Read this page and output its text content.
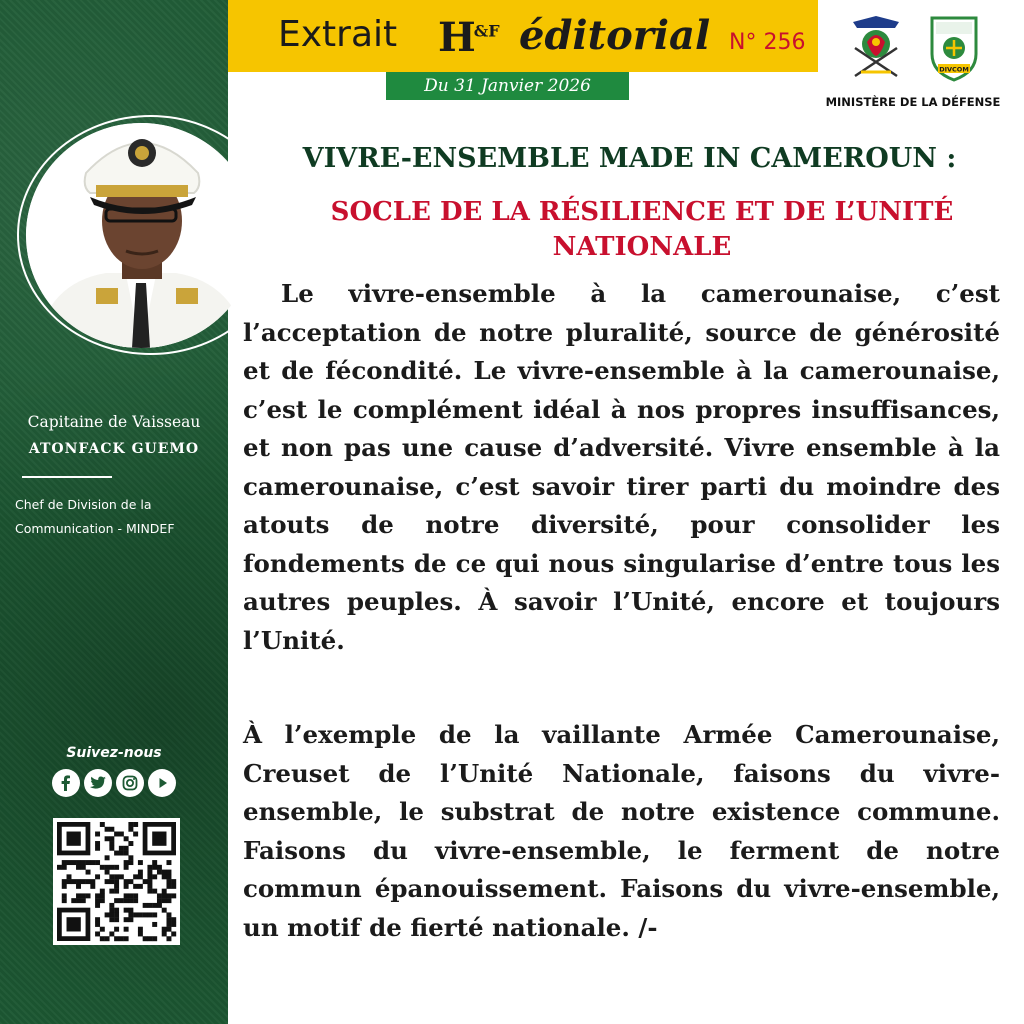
Extrait $H^{\&F}$ éditorial N° 256
Du 31 Janvier 2026
DIVCOM
MINISTÈRE DE LA DÉFENSE
Capitaine de Vaisseau
ATONFACK GUEMO
Chef de Division de la Communication - MINDEF
Suivez-nous
VIVRE-ENSEMBLE MADE IN CAMEROUN :
SOCLE DE LA RÉSILIENCE ET DE L’UNITÉ NATIONALE
Le vivre-ensemble à la camerounaise, c’est l’acceptation de notre pluralité, source de générosité et de fécondité. Le vivre-ensemble à la camerounaise, c’est le complément idéal à nos propres insuffisances, et non pas une cause d’adversité. Vivre ensemble à la camerounaise, c’est savoir tirer parti du moindre des atouts de notre diversité, pour consolider les fondements de ce qui nous singularise d’entre tous les autres peuples. À savoir l’Unité, encore et toujours l’Unité.
À l’exemple de la vaillante Armée Camerounaise, Creuset de l’Unité Nationale, faisons du vivre-ensemble, le substrat de notre existence commune. Faisons du vivre-ensemble, le ferment de notre commun épanouissement. Faisons du vivre-ensemble, un motif de fierté nationale. /-
